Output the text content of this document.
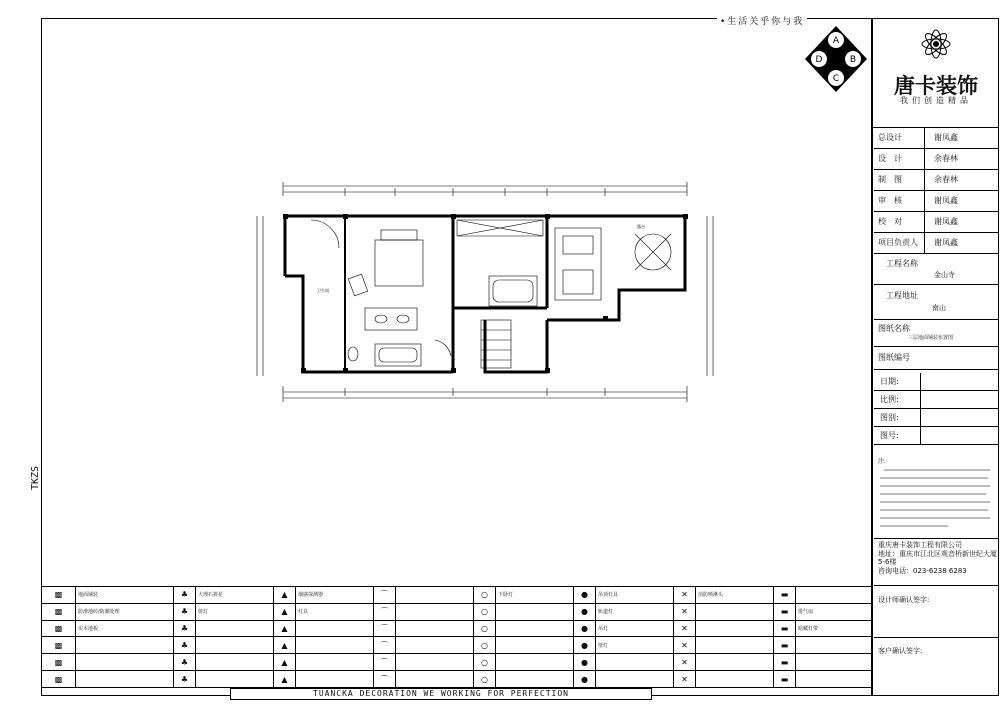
TKZS
•生活关乎你与我
A
B
C
D
唐卡装饰
我们创造精品
总设计	谢凤鑫
设　计	余春林
制　图	余春林
审　核	谢凤鑫
校　对	谢凤鑫
项目负责人 谢凤鑫
工程名称
金山寺
工程地址
南山
图纸名称
三层地面铺装布置图
图纸编号
日期:
比例:
图别:
图号:
注:
重庆唐卡装饰工程有限公司
地址：重庆市江北区观音桥新世纪大厦5-6楼
咨询电话：023-6238 6283
设计师确认签字:
客户确认签字:
卫生间
露台
▩	地面铺装	♣	大理石拼花	▲	烟感探测器	⌒		○	下卧灯	●	吊顶灯具	✕	消防喷淋头	▬	
▩	防滑地砖/防潮处理	♣	射灯	▲	灯具	⌒		○		●	轨道灯	✕		▬	排气扇
▩	实木地板	♣		▲		⌒		○		●	吊灯	✕		▬	暗藏灯带
▩		♣		▲		⌒		○		●	壁灯	✕		▬	
▩		♣		▲		⌒		○		●		✕		▬	
▩		♣		▲		⌒		○		●		✕		▬	
TUANCKA DECORATION WE WORKING FOR PERFECTION
